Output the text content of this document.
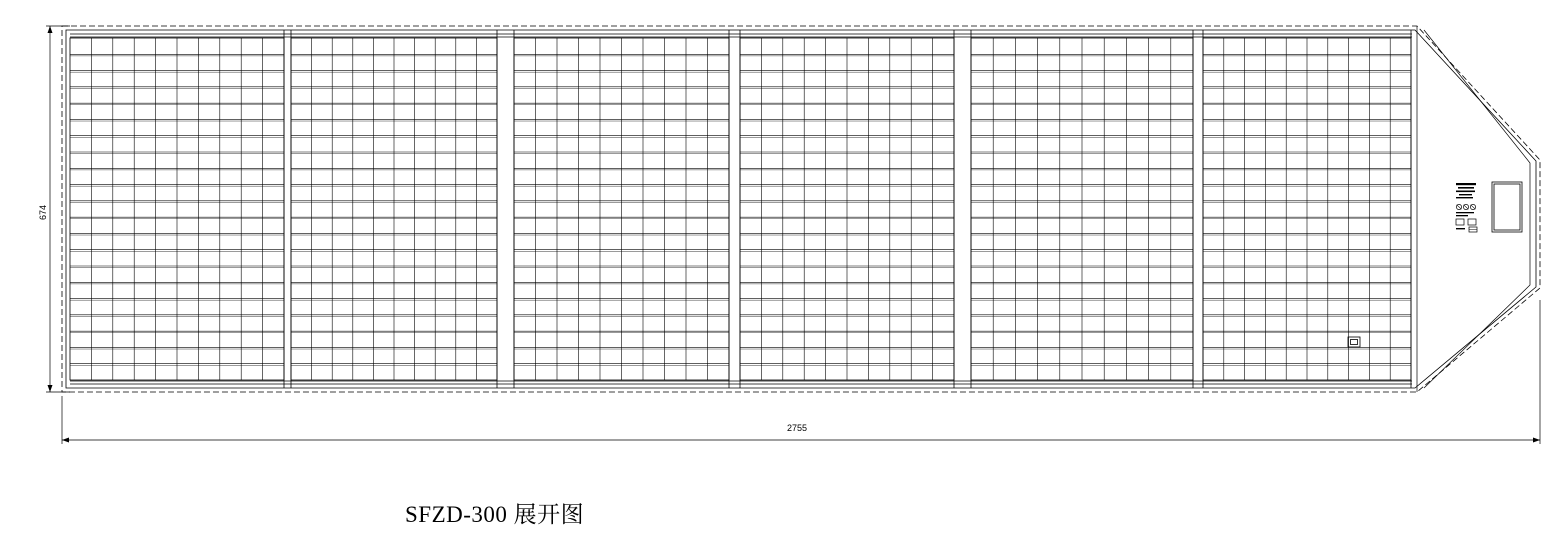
674
2755
SFZD-300 展开图
